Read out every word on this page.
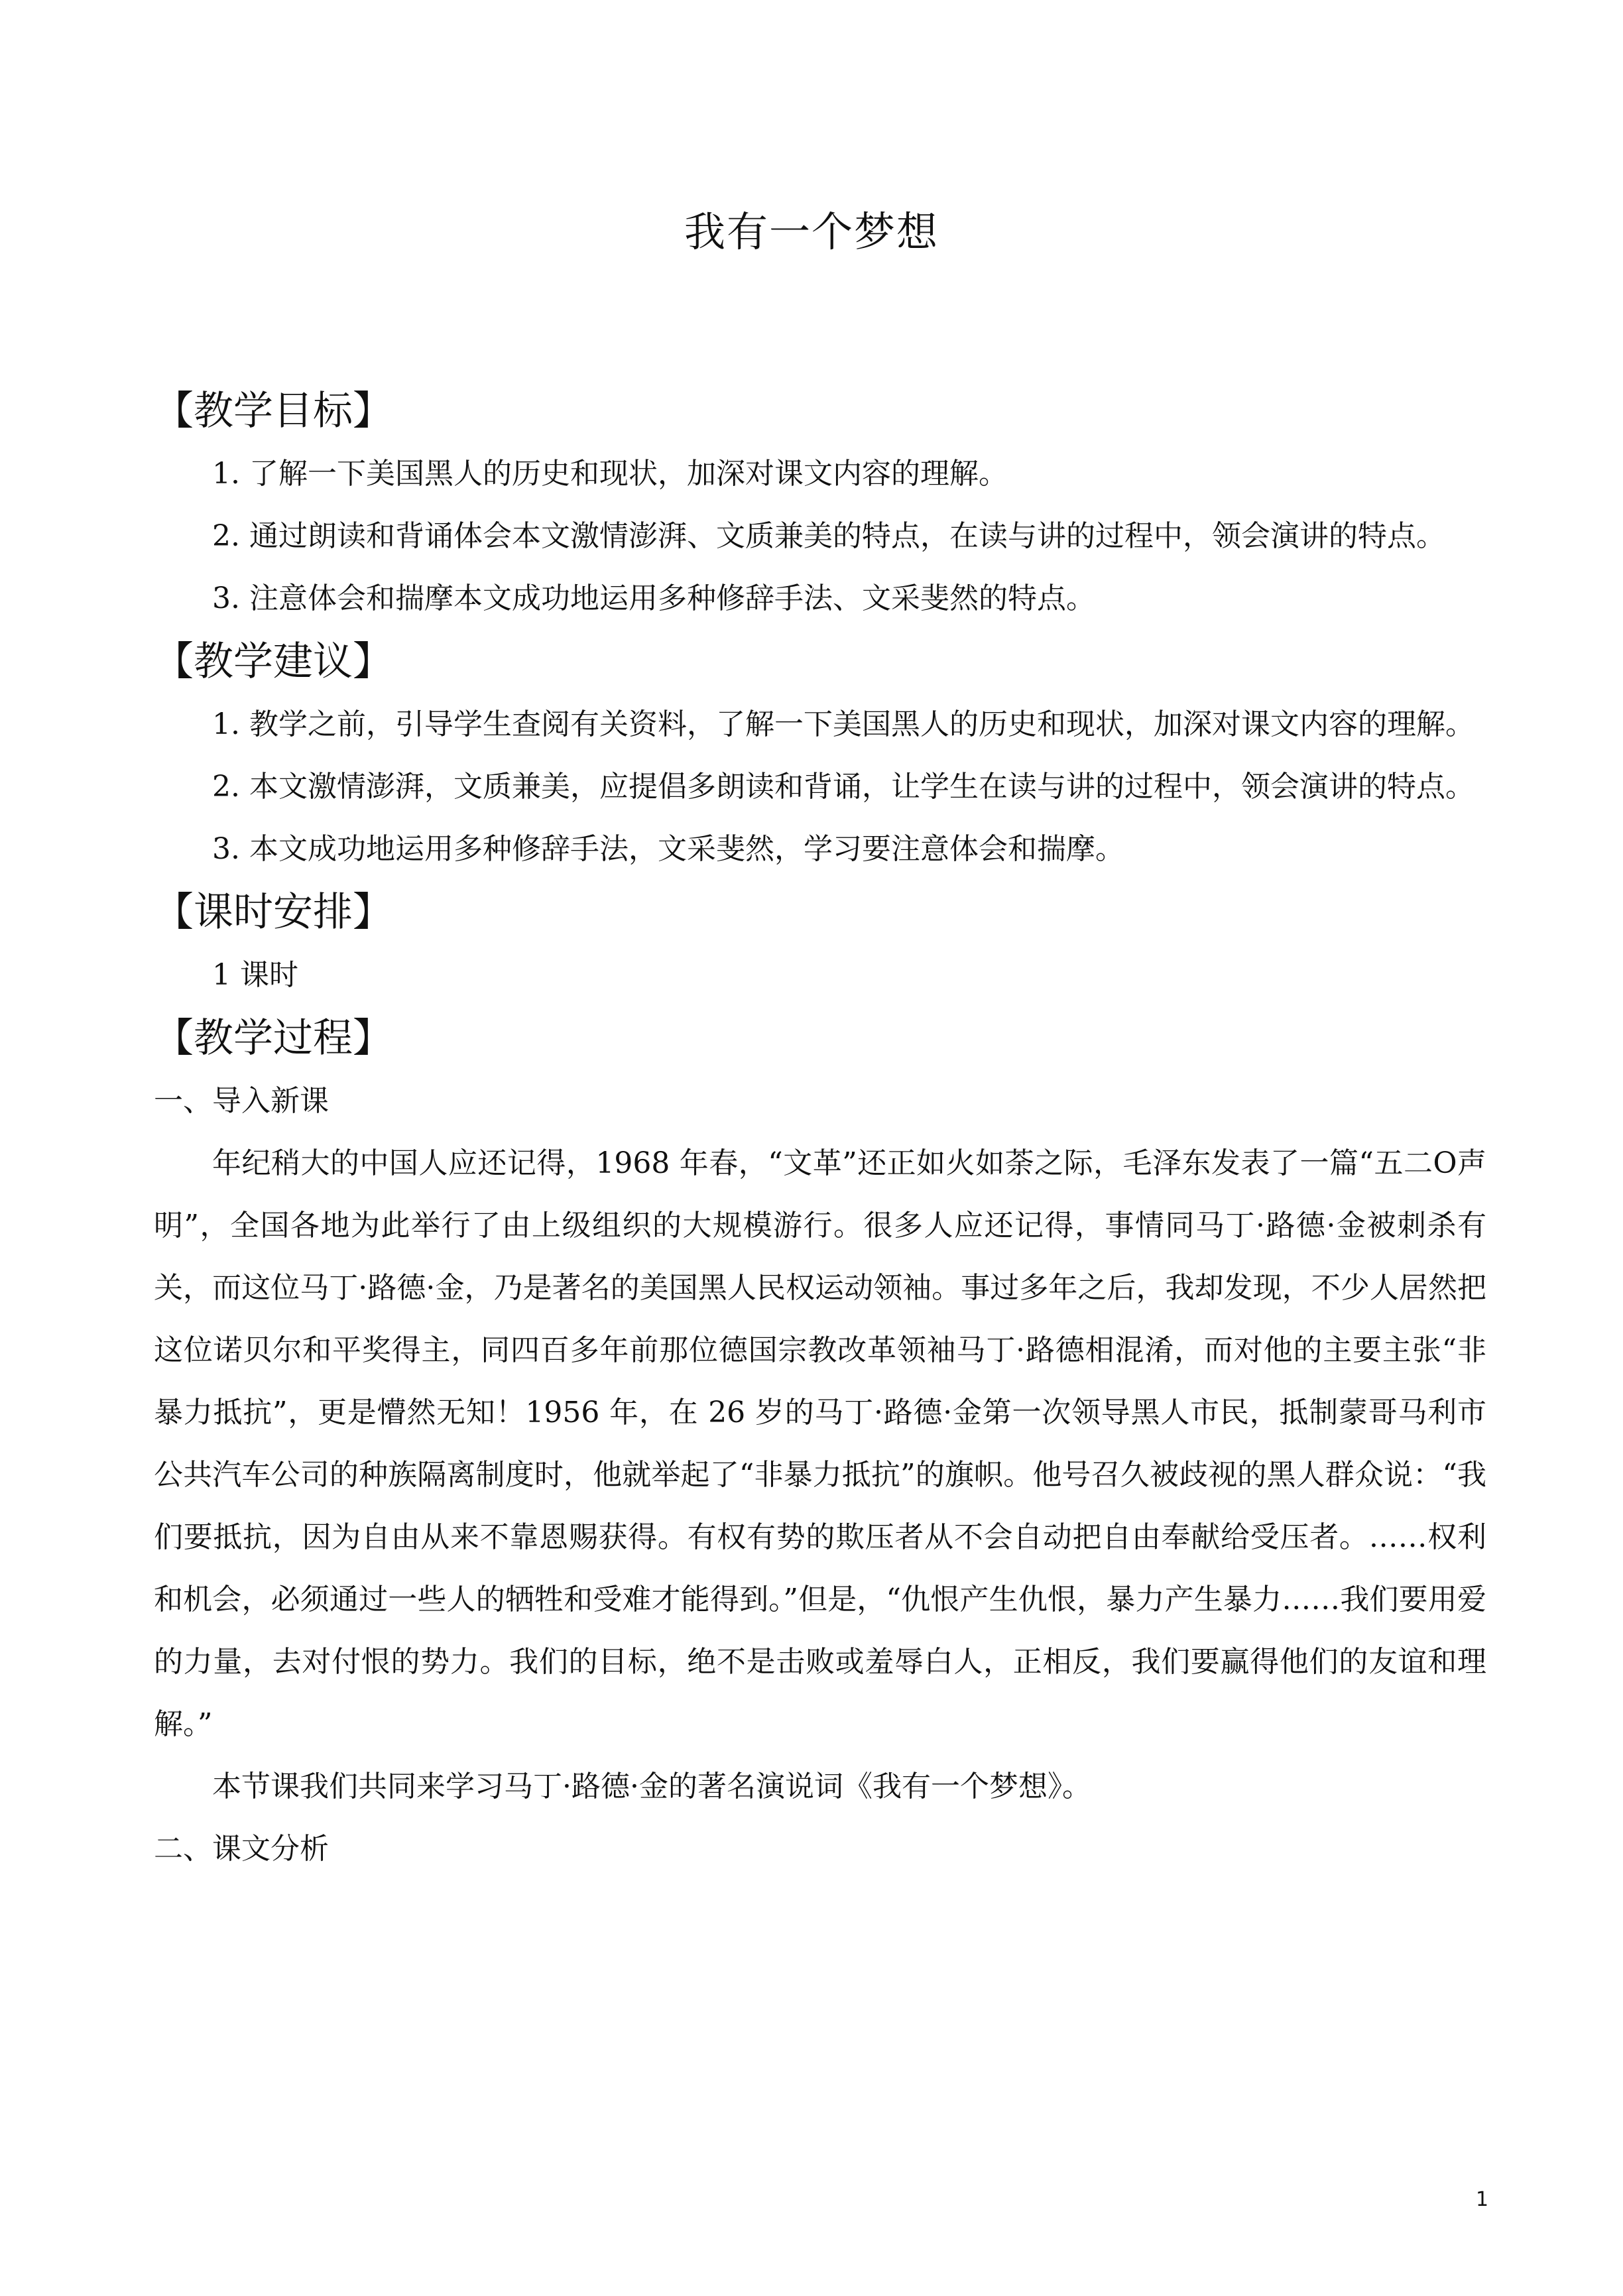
我有一个梦想
【教学目标】

1. 了解一下美国黑人的历史和现状，加深对课文内容的理解。

2. 通过朗读和背诵体会本文激情澎湃、文质兼美的特点，在读与讲的过程中，领会演讲的特点。

3. 注意体会和揣摩本文成功地运用多种修辞手法、文采斐然的特点。

【教学建议】

1. 教学之前，引导学生查阅有关资料，了解一下美国黑人的历史和现状，加深对课文内容的理解。

2. 本文激情澎湃，文质兼美，应提倡多朗读和背诵，让学生在读与讲的过程中，领会演讲的特点。

3. 本文成功地运用多种修辞手法，文采斐然，学习要注意体会和揣摩。

【课时安排】

1 课时

【教学过程】

一、导入新课

年纪稍大的中国人应还记得，1968 年春，“文革”还正如火如荼之际，毛泽东发表了一篇“五二O声明”，全国各地为此举行了由上级组织的大规模游行。很多人应还记得，事情同马丁·路德·金被刺杀有关，而这位马丁·路德·金，乃是著名的美国黑人民权运动领袖。事过多年之后，我却发现，不少人居然把这位诺贝尔和平奖得主，同四百多年前那位德国宗教改革领袖马丁·路德相混淆，而对他的主要主张“非暴力抵抗”，更是懵然无知！1956 年，在 26 岁的马丁·路德·金第一次领导黑人市民，抵制蒙哥马利市公共汽车公司的种族隔离制度时，他就举起了“非暴力抵抗”的旗帜。他号召久被歧视的黑人群众说：“我们要抵抗，因为自由从来不靠恩赐获得。有权有势的欺压者从不会自动把自由奉献给受压者。……权利和机会，必须通过一些人的牺牲和受难才能得到。”但是，“仇恨产生仇恨，暴力产生暴力……我们要用爱的力量，去对付恨的势力。我们的目标，绝不是击败或羞辱白人，正相反，我们要赢得他们的友谊和理解。”

本节课我们共同来学习马丁·路德·金的著名演说词《我有一个梦想》。

二、课文分析

1
